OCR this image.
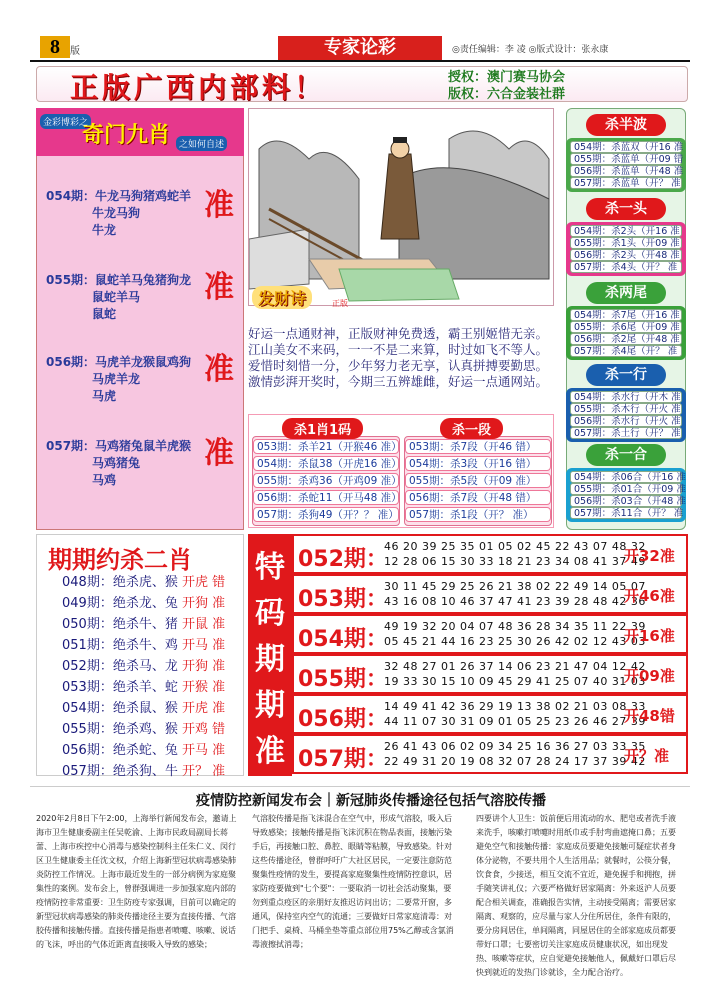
8	版	专家论彩	◎责任编辑：李 凌 ◎版式设计：张永康
正版广西内部料！	授权：澳门赛马协会
版权：六合金装社群
金彩博彩之
奇门九肖 之如何自述
054期：牛龙马狗猪鸡蛇羊
牛龙马狗
牛龙
准
055期：鼠蛇羊马兔猪狗龙
鼠蛇羊马
鼠蛇
准
056期：马虎羊龙猴鼠鸡狗
马虎羊龙
马虎
准
057期：马鸡猪兔鼠羊虎猴
马鸡猪兔
马鸡
准
发财诗	正版
好运一点通财神，正版财神免费透，霸王别姬惜无亲。
江山美女不来码，一一不是二来算，时过如飞不等人。
爱惜时刻惜一分，少年努力老无享，认真拼搏要勤思。
激情彭湃开奖时，今期三五辨雄雌，好运一点通网站。
杀1肖1码	杀一段
053期：杀羊21（开猴46 准）
054期：杀鼠38（开虎16 准）
055期：杀鸡36（开鸡09 准）
056期：杀蛇11（开马48 准）
057期：杀狗49（开？？ 准）
053期：杀7段（开46 错）
054期：杀3段（开16 错）
055期：杀5段（开09 准）
056期：杀7段（开48 错）
057期：杀1段（开？ 准）
杀半波
054期：杀蓝双（开16 准
055期：杀蓝单（开09 错
056期：杀蓝单（开48 准
057期：杀蓝单（开？ 准
杀一头
054期：杀2头（开16 准
055期：杀1头（开09 准
056期：杀2头（开48 准
057期：杀4头（开？ 准
杀两尾
054期：杀7尾（开16 准
055期：杀6尾（开09 准
056期：杀2尾（开48 准
057期：杀4尾（开？ 准
杀一行
054期：杀水行（开木 准
055期：杀木行（开火 准
056期：杀水行（开火 准
057期：杀土行（开？ 准
杀一合
054期：杀06合（开16 准
055期：杀01合（开09 准
056期：杀03合（开48 准
057期：杀11合（开？ 准
期期约杀二肖
048期：绝杀虎、猴 开虎 错
049期：绝杀龙、兔 开狗 准
050期：绝杀牛、猪 开鼠 准
051期：绝杀牛、鸡 开马 准
052期：绝杀马、龙 开狗 准
053期：绝杀羊、蛇 开猴 准
054期：绝杀鼠、猴 开虎 准
055期：绝杀鸡、猴 开鸡 错
056期：绝杀蛇、兔 开马 准
057期：绝杀狗、牛 开？ 准
特
码
期
期
准
052期：
46 20 39 25 35 01 05 02 45 22 43 07 48 32
12 28 06 15 30 33 18 21 23 34 08 41 37 49
开32准
053期：
30 11 45 29 25 26 21 38 02 22 49 14 05 07
43 16 08 10 46 37 47 41 23 39 28 48 42 36
开46准
054期：
49 19 32 20 04 07 48 36 28 34 35 11 22 39
05 45 21 44 16 23 25 30 26 42 02 12 43 03
开16准
055期：
32 48 27 01 26 37 14 06 23 21 47 04 12 42
19 33 30 15 10 09 45 29 41 25 07 40 31 03
开09准
056期：
14 49 41 42 36 29 19 13 38 02 21 03 08 33
44 11 07 30 31 09 01 05 25 23 26 46 27 39
开48错
057期：
26 41 43 06 02 09 34 25 16 36 27 03 33 35
22 49 31 20 19 08 32 07 28 24 17 37 39 42
开？准
疫情防控新闻发布会｜新冠肺炎传播途径包括气溶胶传播
2020年2月8日下午2:00，上海举行新闻发布会，邀请上海市卫生健康委副主任吴乾渝、上海市民政局副局长蒋蕾、上海市疾控中心消毒与感染控制科主任朱仁义、闵行区卫生健康委主任沈文权，介绍上海新型冠状病毒感染肺炎防控工作情况。上海市最近发生的一部分病例为家庭聚集性的案例。发布会上，曾群强调进一步加强家庭内部的疫情防控非常重要：卫生防疫专家强调，目前可以确定的新型冠状病毒感染的肺炎传播途径主要为直接传播、气溶胶传播和接触传播。直接传播是指患者喷嚏、咳嗽、说话的飞沫，呼出的气体近距离直接吸入导致的感染；
气溶胶传播是指飞沫混合在空气中，形成气溶胶，吸入后导致感染；接触传播是指飞沫沉积在物品表面，接触污染手后，再接触口腔、鼻腔、眼睛等粘膜，导致感染。针对这些传播途径，曾群呼吁广大社区居民，一定要注意防范聚集性疫情的发生，要提高家庭聚集性疫情防控意识，居家防疫要做到"七个要"：一要取消一切社会活动聚集，要勿到重点疫区的亲朋好友推迟访问出访；二要常开窗，多通风，保持室内空气的流通；三要做好日常家庭清毒：对门把手、桌椅、马桶坐垫等重点部位用75%乙醇或含氯消毒液擦拭消毒；
四要讲个人卫生：饭前便后用流动的水、肥皂或者洗手液来洗手，咳嗽打喷嚏时用纸巾或手肘弯曲遮掩口鼻；五要避免空气和接触传播：家庭成员要避免接触可疑症状者身体分泌物，不要共用个人生活用品；就餐时，公筷分餐，饮食食，少接送，相互交流不宜近，避免握手和拥抱，拼手随笑讲礼仪；六要严格做好居家隔离：外来返沪人员要配合相关调查，准确报告实情，主动接受隔离；需要居家隔离、观察的，应尽量与家人分住所居住，条件有限的，要分房间居住，单间隔离，同屋居住的全部家庭成员都要带好口罩；七要密切关注家庭成员健康状况，如出现发热、咳嗽等症状，应自觉避免接触他人，佩戴好口罩后尽快到就近的发热门诊就诊，全力配合治疗。
